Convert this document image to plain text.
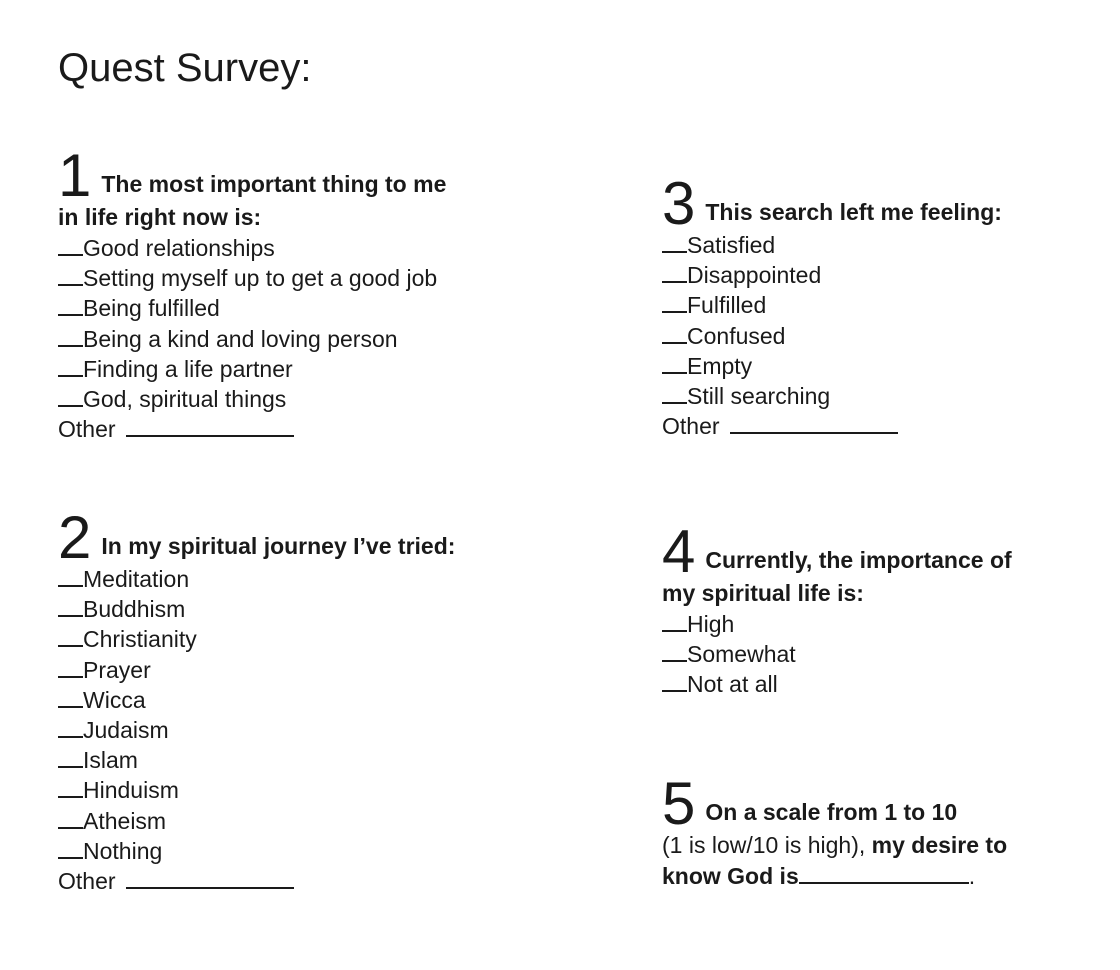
Quest Survey:
1 The most important thing to me
in life right now is:
Good relationships
Setting myself up to get a good job
Being fulfilled
Being a kind and loving person
Finding a life partner
God, spiritual things
Other
2 In my spiritual journey I’ve tried:
Meditation
Buddhism
Christianity
Prayer
Wicca
Judaism
Islam
Hinduism
Atheism
Nothing
Other
3 This search left me feeling:
Satisfied
Disappointed
Fulfilled
Confused
Empty
Still searching
Other
4 Currently, the importance of
my spiritual life is:
High
Somewhat
Not at all
5 On a scale from 1 to 10
(1 is low/10 is high), my desire to
know God is	.
